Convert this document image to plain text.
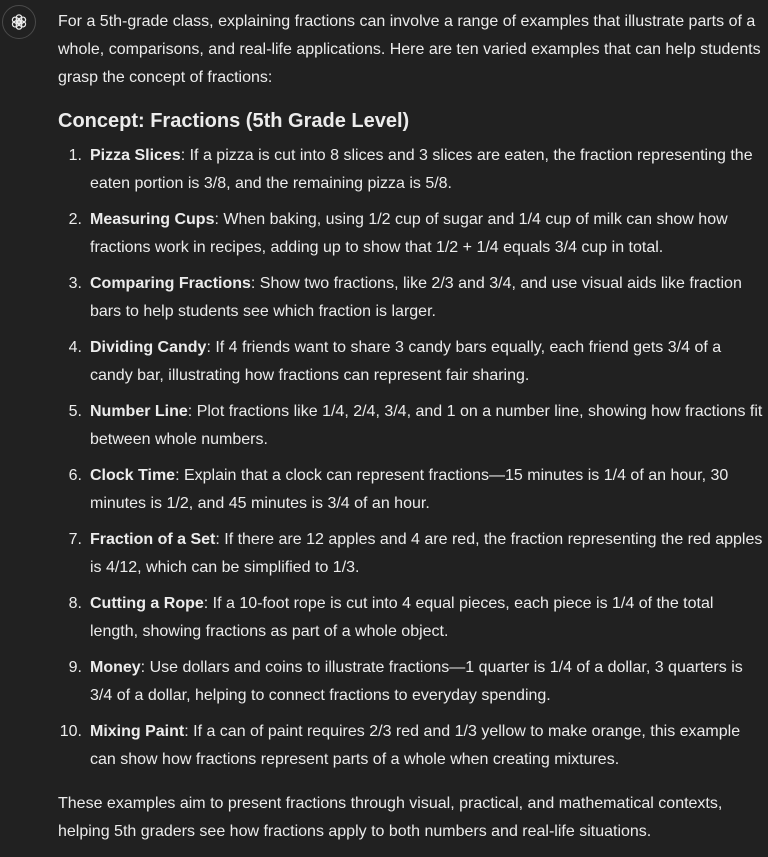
For a 5th-grade class, explaining fractions can involve a range of examples that illustrate parts of a whole, comparisons, and real-life applications. Here are ten varied examples that can help students grasp the concept of fractions:

Concept: Fractions (5th Grade Level)
1. Pizza Slices: If a pizza is cut into 8 slices and 3 slices are eaten, the fraction representing the eaten portion is 3/8, and the remaining pizza is 5/8.
2. Measuring Cups: When baking, using 1/2 cup of sugar and 1/4 cup of milk can show how fractions work in recipes, adding up to show that 1/2 + 1/4 equals 3/4 cup in total.
3. Comparing Fractions: Show two fractions, like 2/3 and 3/4, and use visual aids like fraction bars to help students see which fraction is larger.
4. Dividing Candy: If 4 friends want to share 3 candy bars equally, each friend gets 3/4 of a candy bar, illustrating how fractions can represent fair sharing.
5. Number Line: Plot fractions like 1/4, 2/4, 3/4, and 1 on a number line, showing how fractions fit between whole numbers.
6. Clock Time: Explain that a clock can represent fractions—15 minutes is 1/4 of an hour, 30 minutes is 1/2, and 45 minutes is 3/4 of an hour.
7. Fraction of a Set: If there are 12 apples and 4 are red, the fraction representing the red apples is 4/12, which can be simplified to 1/3.
8. Cutting a Rope: If a 10-foot rope is cut into 4 equal pieces, each piece is 1/4 of the total length, showing fractions as part of a whole object.
9. Money: Use dollars and coins to illustrate fractions—1 quarter is 1/4 of a dollar, 3 quarters is 3/4 of a dollar, helping to connect fractions to everyday spending.
10. Mixing Paint: If a can of paint requires 2/3 red and 1/3 yellow to make orange, this example can show how fractions represent parts of a whole when creating mixtures.

These examples aim to present fractions through visual, practical, and mathematical contexts, helping 5th graders see how fractions apply to both numbers and real-life situations.
